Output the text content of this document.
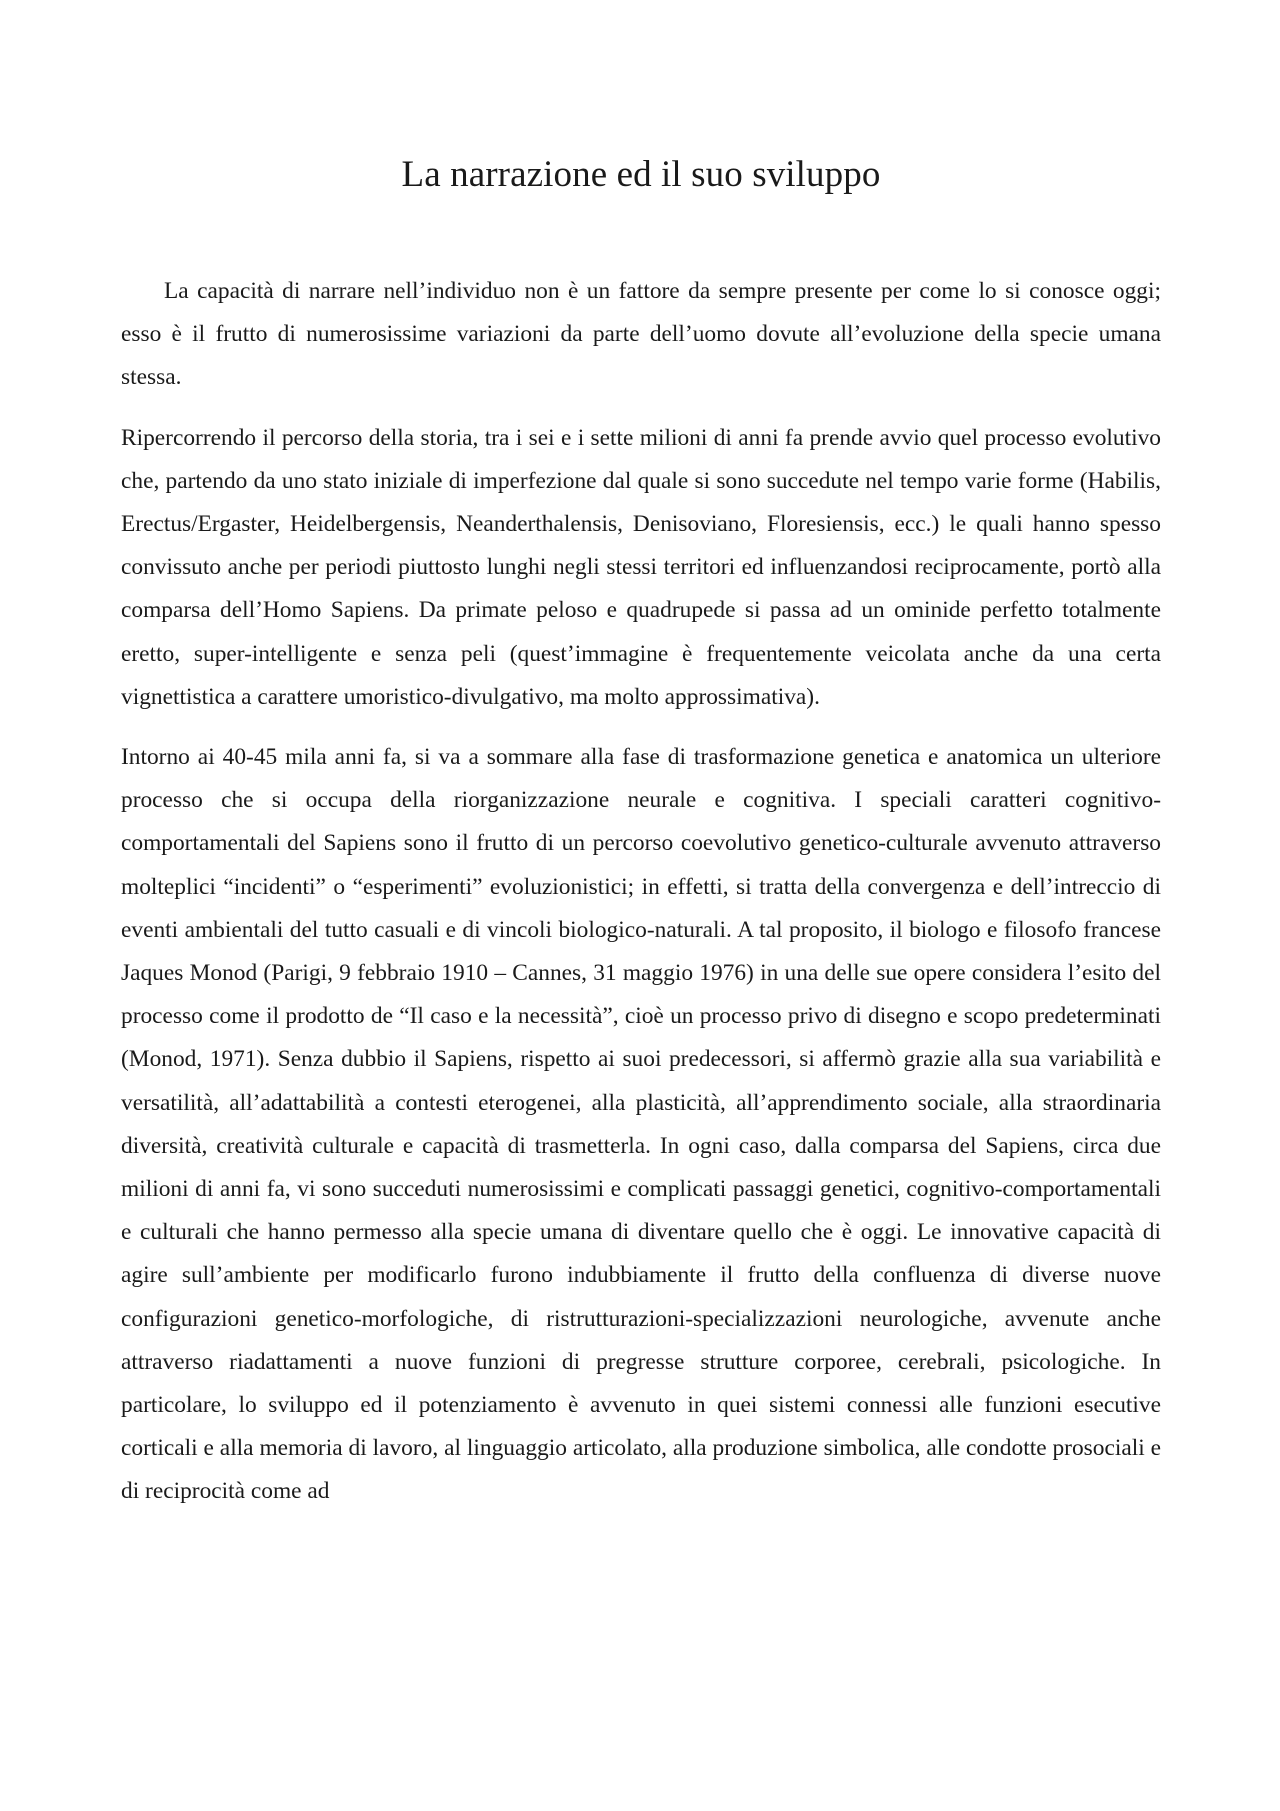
La narrazione ed il suo sviluppo

La capacità di narrare nell’individuo non è un fattore da sempre presente per come lo si conosce oggi; esso è il frutto di numerosissime variazioni da parte dell’uomo dovute all’evoluzione della specie umana stessa.

Ripercorrendo il percorso della storia, tra i sei e i sette milioni di anni fa prende avvio quel processo evolutivo che, partendo da uno stato iniziale di imperfezione dal quale si sono succedute nel tempo varie forme (Habilis, Erectus/Ergaster, Heidelbergensis, Neanderthalensis, Denisoviano, Floresiensis, ecc.) le quali hanno spesso convissuto anche per periodi piuttosto lunghi negli stessi territori ed influenzandosi reciprocamente, portò alla comparsa dell’Homo Sapiens. Da primate peloso e quadrupede si passa ad un ominide perfetto totalmente eretto, super-intelligente e senza peli (quest’immagine è frequentemente veicolata anche da una certa vignettistica a carattere umoristico-divulgativo, ma molto approssimativa).

Intorno ai 40-45 mila anni fa, si va a sommare alla fase di trasformazione genetica e anatomica un ulteriore processo che si occupa della riorganizzazione neurale e cognitiva. I speciali caratteri cognitivo-comportamentali del Sapiens sono il frutto di un percorso coevolutivo genetico-culturale avvenuto attraverso molteplici “incidenti” o “esperimenti” evoluzionistici; in effetti, si tratta della convergenza e dell’intreccio di eventi ambientali del tutto casuali e di vincoli biologico-naturali. A tal proposito, il biologo e filosofo francese Jaques Monod (Parigi, 9 febbraio 1910 – Cannes, 31 maggio 1976) in una delle sue opere considera l’esito del processo come il prodotto de “Il caso e la necessità”, cioè un processo privo di disegno e scopo predeterminati (Monod, 1971). Senza dubbio il Sapiens, rispetto ai suoi predecessori, si affermò grazie alla sua variabilità e versatilità, all’adattabilità a contesti eterogenei, alla plasticità, all’apprendimento sociale, alla straordinaria diversità, creatività culturale e capacità di trasmetterla. In ogni caso, dalla comparsa del Sapiens, circa due milioni di anni fa, vi sono succeduti numerosissimi e complicati passaggi genetici, cognitivo-comportamentali e culturali che hanno permesso alla specie umana di diventare quello che è oggi. Le innovative capacità di agire sull’ambiente per modificarlo furono indubbiamente il frutto della confluenza di diverse nuove configurazioni genetico-morfologiche, di ristrutturazioni-specializzazioni neurologiche, avvenute anche attraverso riadattamenti a nuove funzioni di pregresse strutture corporee, cerebrali, psicologiche. In particolare, lo sviluppo ed il potenziamento è avvenuto in quei sistemi connessi alle funzioni esecutive corticali e alla memoria di lavoro, al linguaggio articolato, alla produzione simbolica, alle condotte prosociali e di reciprocità come ad
